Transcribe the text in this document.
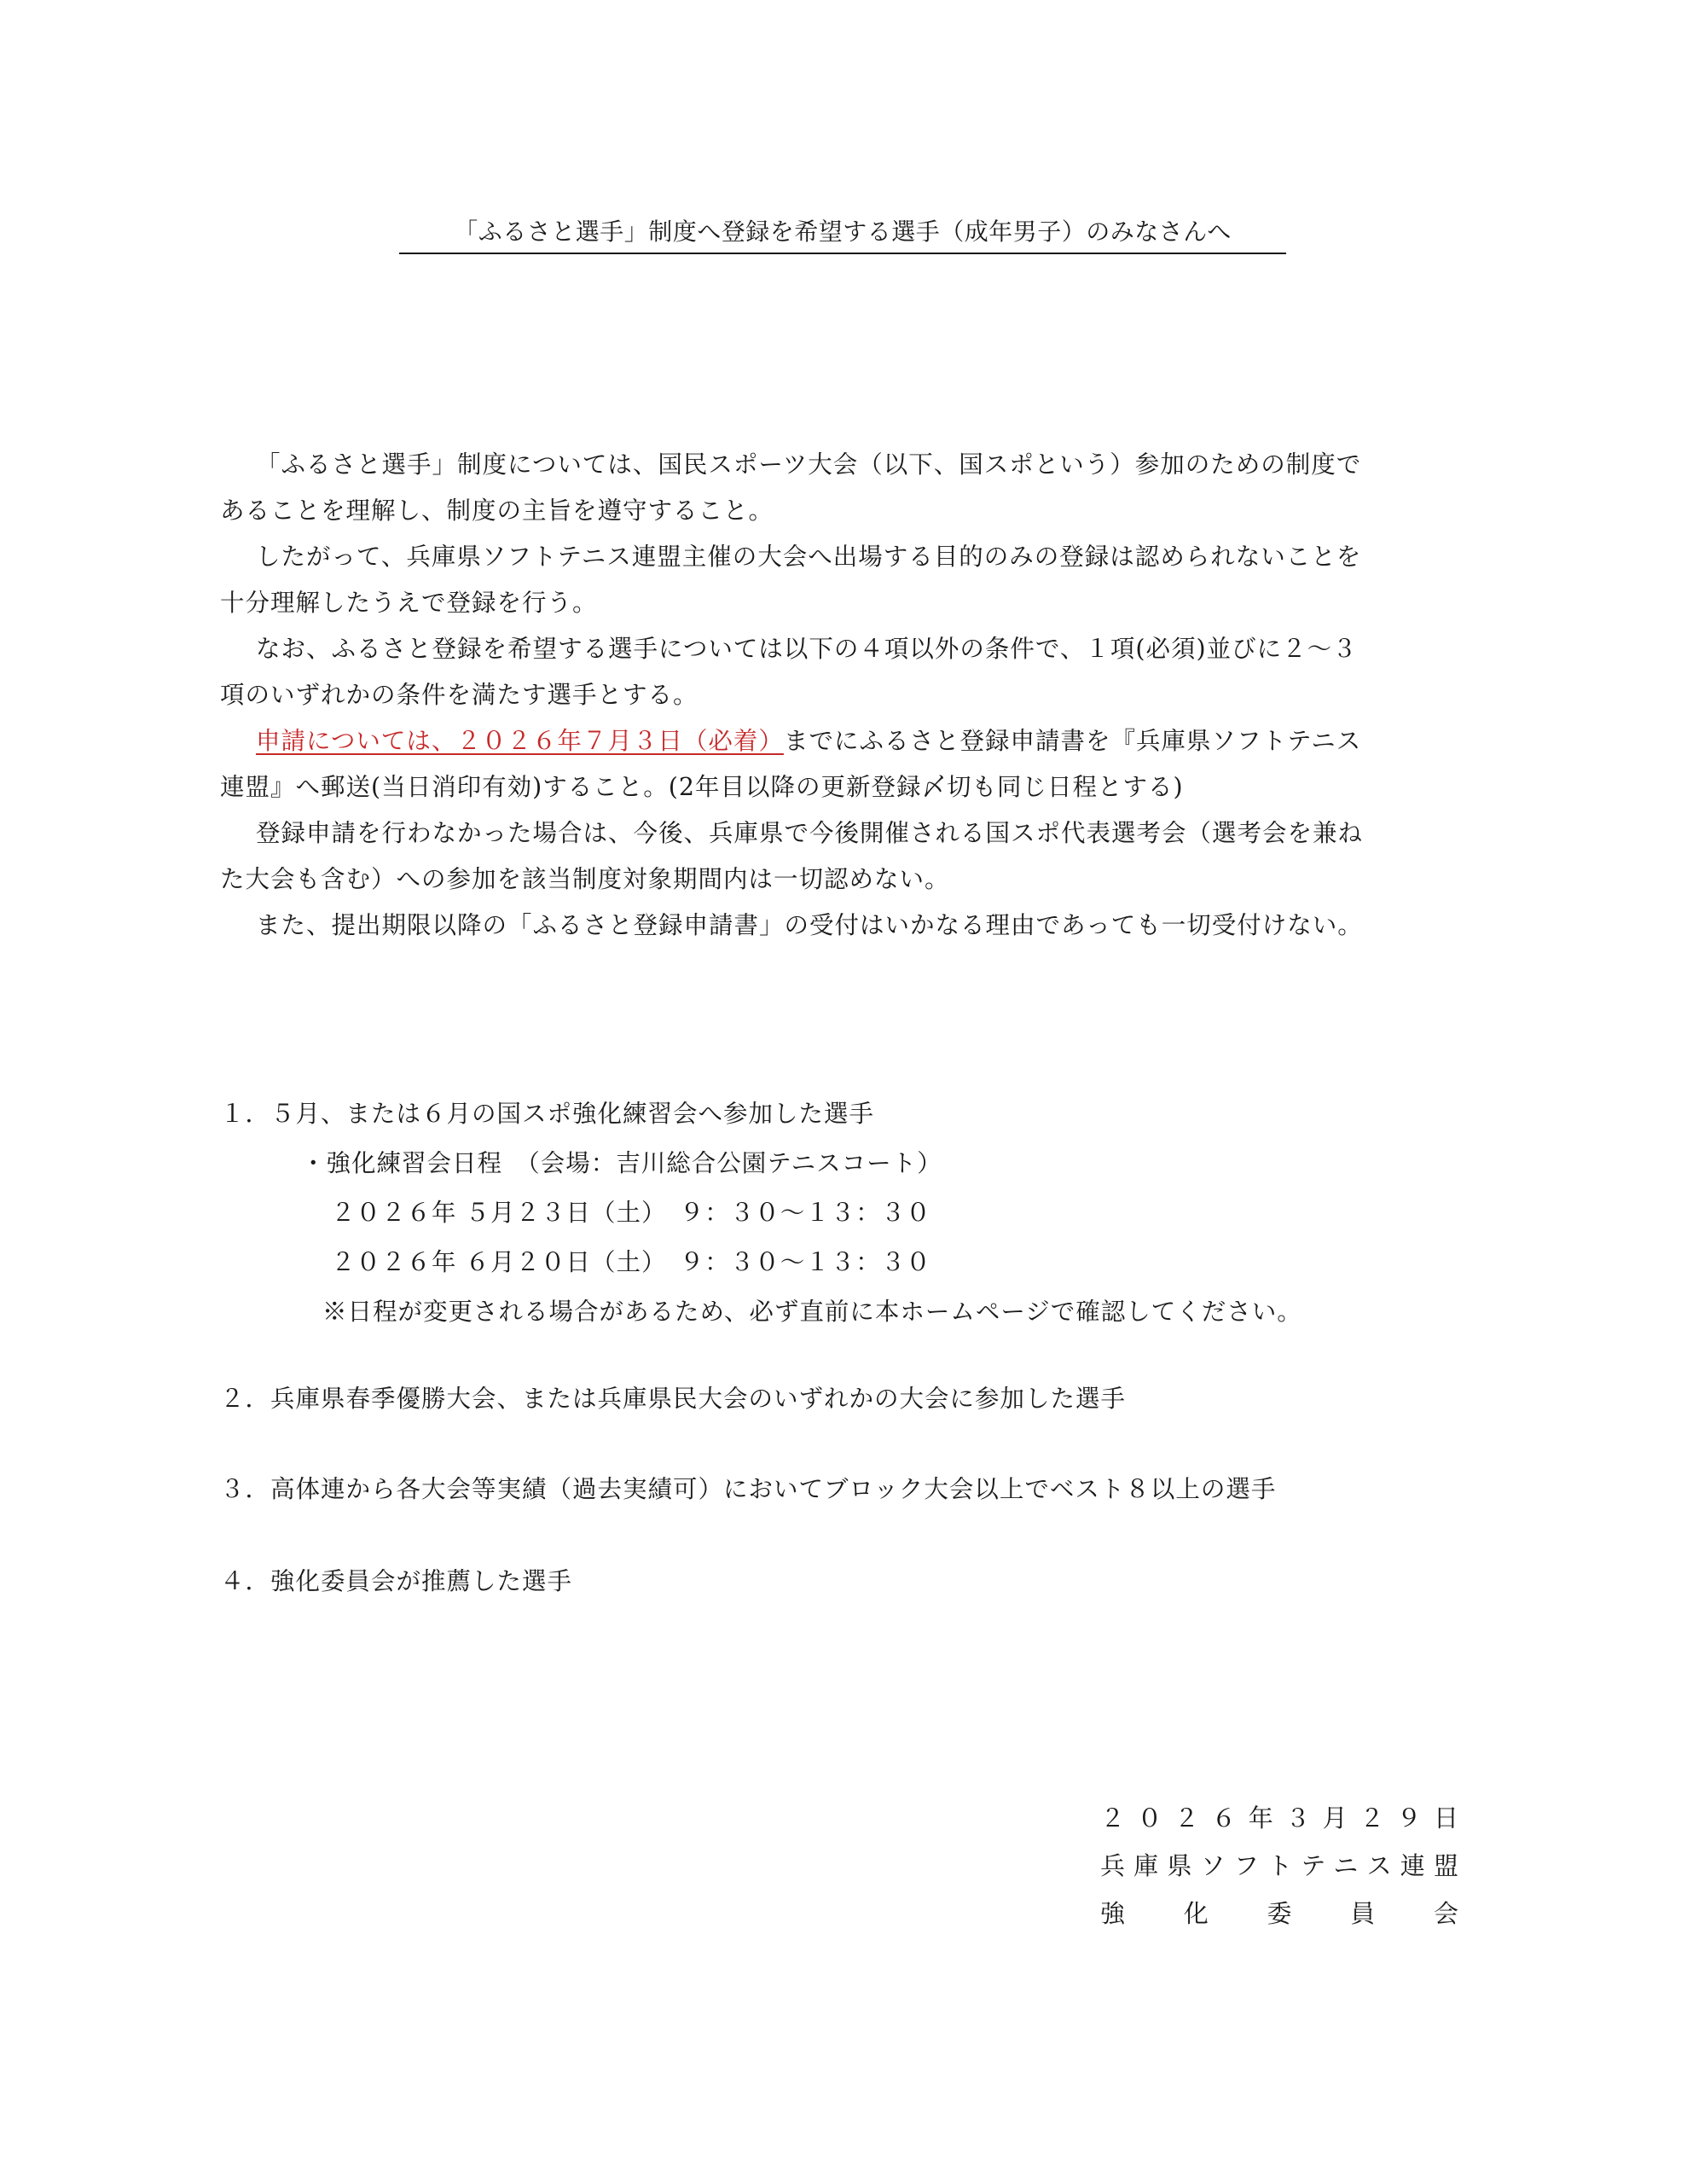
「ふるさと選手」制度へ登録を希望する選手（成年男子）のみなさんへ
「ふるさと選手」制度については、国民スポーツ大会（以下、国スポという）参加のための制度で
あることを理解し、制度の主旨を遵守すること。
したがって、兵庫県ソフトテニス連盟主催の大会へ出場する目的のみの登録は認められないことを
十分理解したうえで登録を行う。
なお、ふるさと登録を希望する選手については以下の４項以外の条件で、１項(必須)並びに２～３
項のいずれかの条件を満たす選手とする。
申請については、２０２６年７月３日（必着）までにふるさと登録申請書を『兵庫県ソフトテニス
連盟』へ郵送(当日消印有効)すること。(2年目以降の更新登録〆切も同じ日程とする)
登録申請を行わなかった場合は、今後、兵庫県で今後開催される国スポ代表選考会（選考会を兼ね
た大会も含む）への参加を該当制度対象期間内は一切認めない。
また、提出期限以降の「ふるさと登録申請書」の受付はいかなる理由であっても一切受付けない。
１．５月、または６月の国スポ強化練習会へ参加した選手
・強化練習会日程　（会場：吉川総合公園テニスコート）
２０２６年 ５月２３日（土）　９：３０～１３：３０
２０２６年 ６月２０日（土）　９：３０～１３：３０
※日程が変更される場合があるため、必ず直前に本ホームページで確認してください。
２．兵庫県春季優勝大会、または兵庫県民大会のいずれかの大会に参加した選手
３．高体連から各大会等実績（過去実績可）においてブロック大会以上でベスト８以上の選手
４．強化委員会が推薦した選手
２０２６年３月２９日
兵庫県ソフトテニス連盟
強化委員会
